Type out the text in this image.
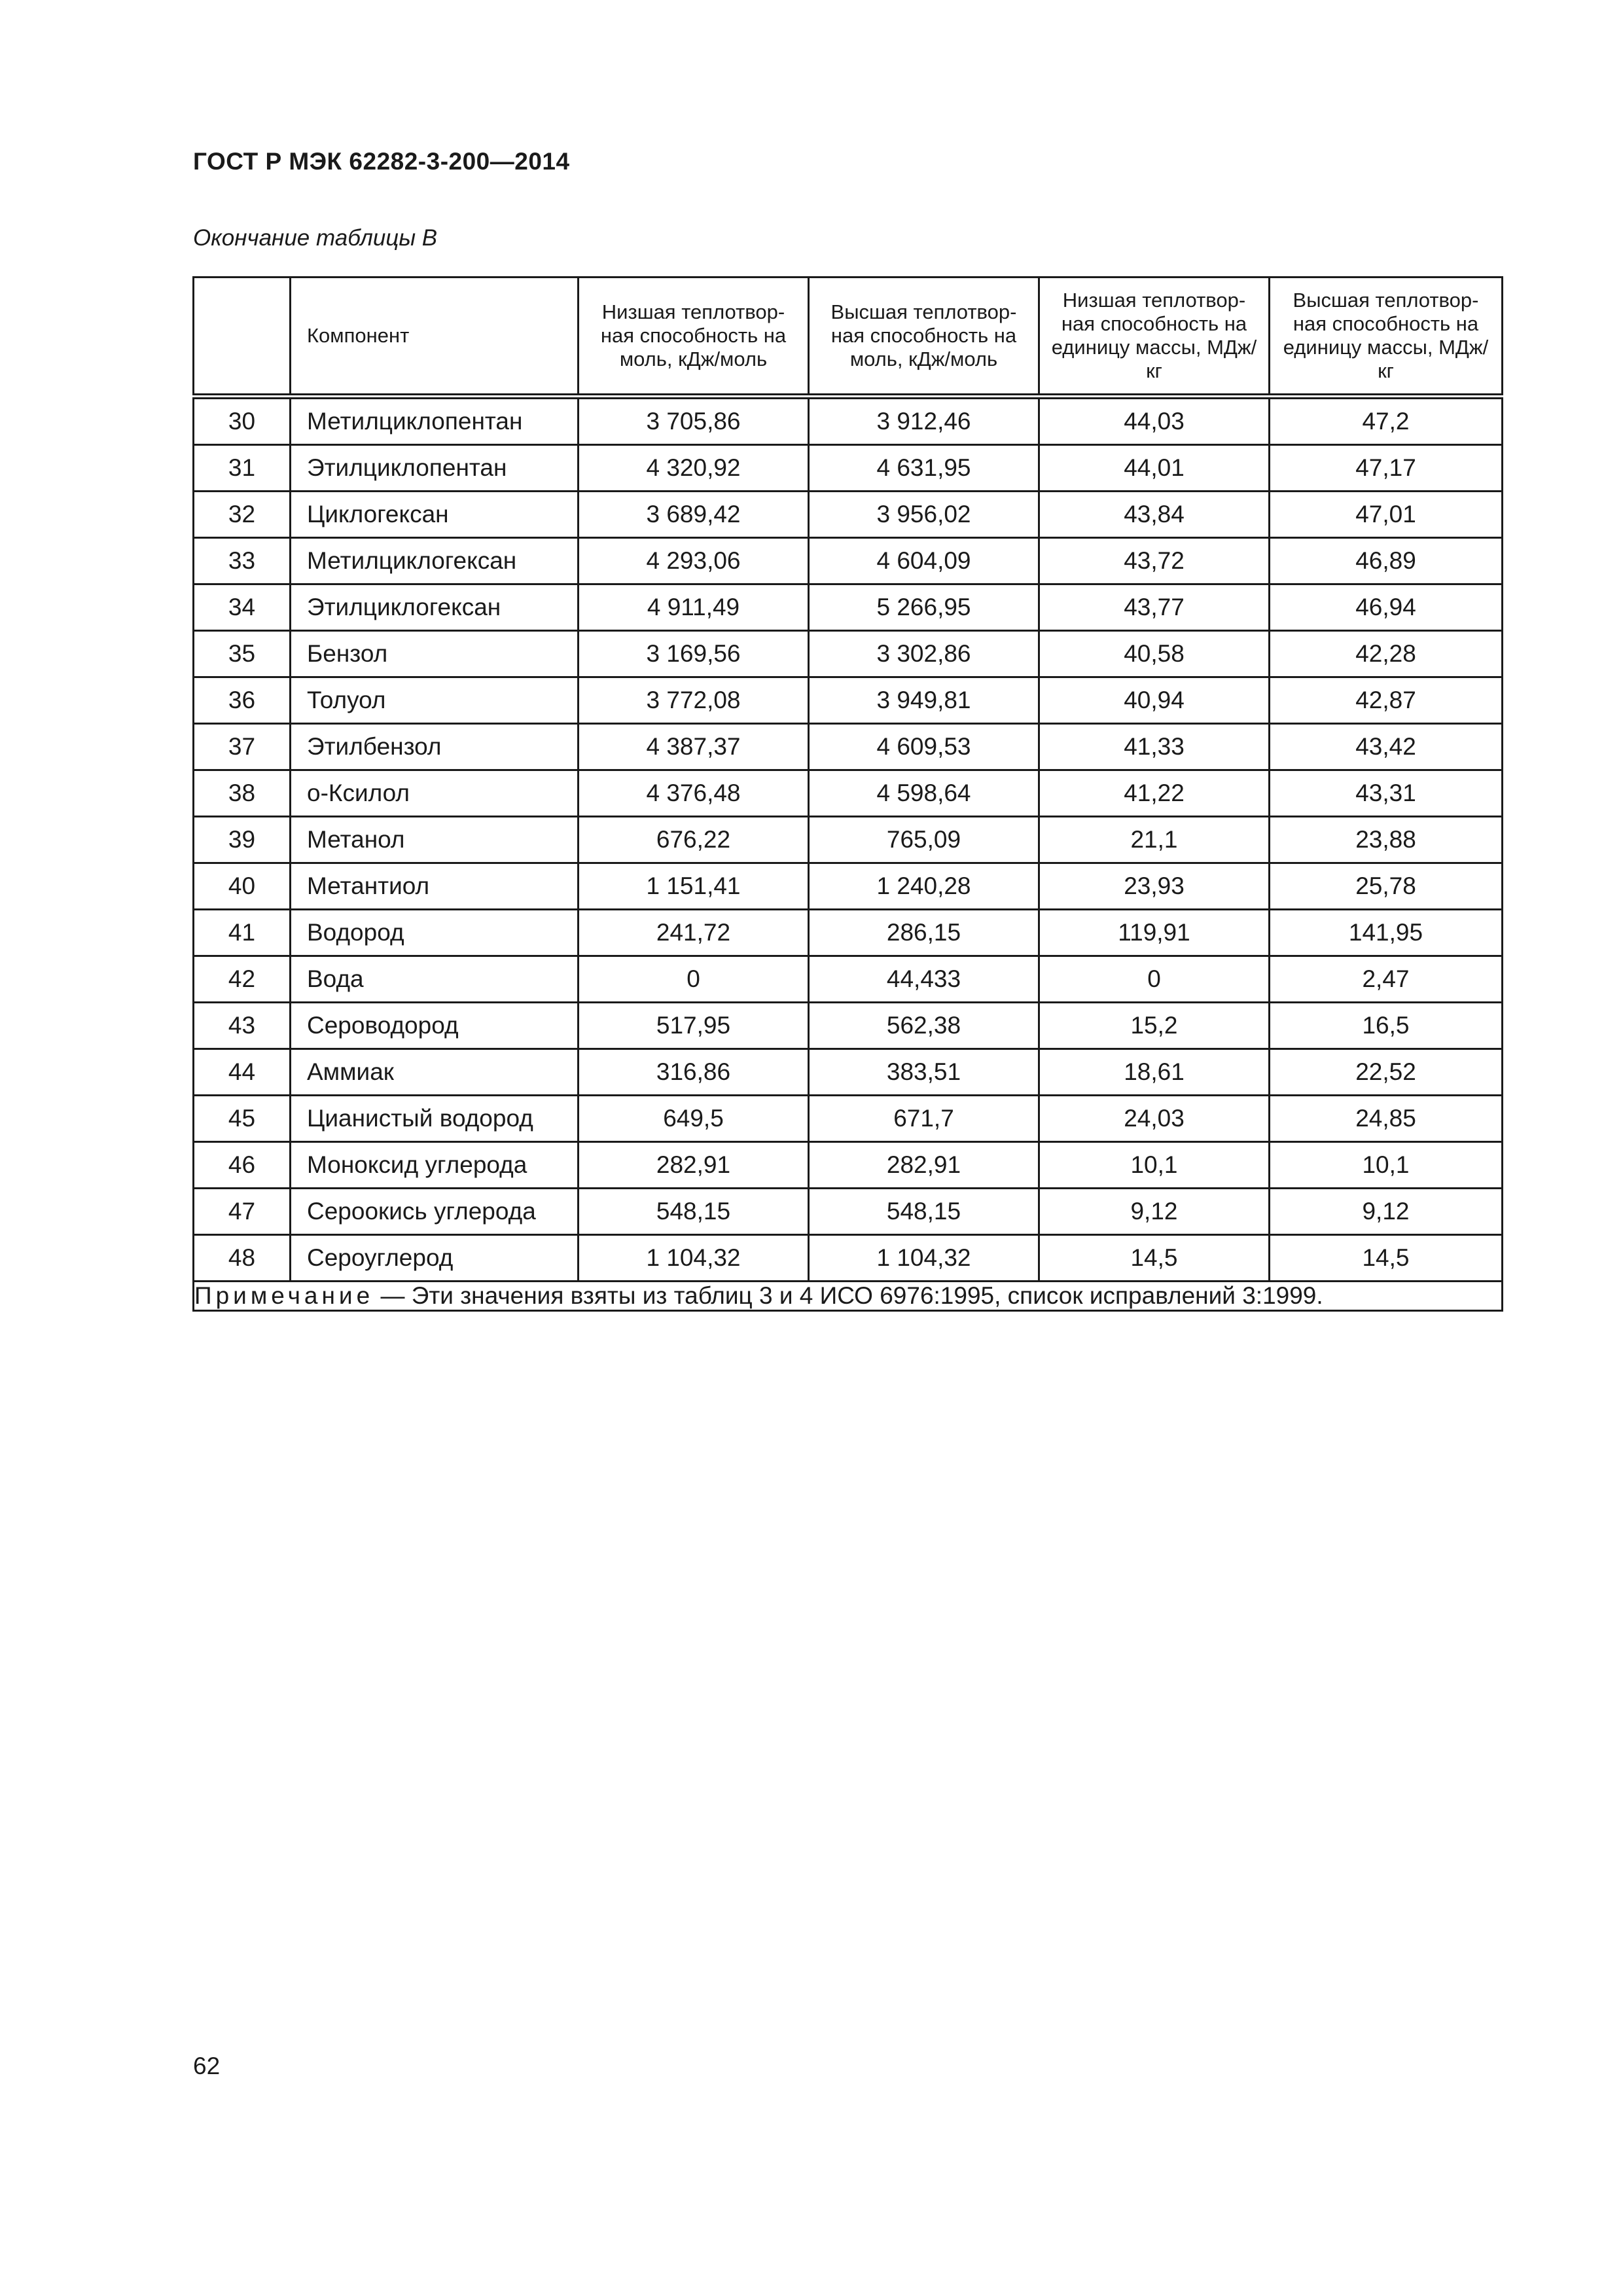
ГОСТ Р МЭК 62282-3-200—2014
Окончание таблицы В
	Компонент	Низшая теплотвор-ная способность на моль, кДж/моль	Высшая теплотвор-ная способность на моль, кДж/моль	Низшая теплотвор-ная способность на единицу массы, МДж/кг	Высшая теплотвор-ная способность на единицу массы, МДж/кг
30	Метилциклопентан	3 705,86	3 912,46	44,03	47,2
31	Этилциклопентан	4 320,92	4 631,95	44,01	47,17
32	Циклогексан	3 689,42	3 956,02	43,84	47,01
33	Метилциклогексан	4 293,06	4 604,09	43,72	46,89
34	Этилциклогексан	4 911,49	5 266,95	43,77	46,94
35	Бензол	3 169,56	3 302,86	40,58	42,28
36	Толуол	3 772,08	3 949,81	40,94	42,87
37	Этилбензол	4 387,37	4 609,53	41,33	43,42
38	о-Ксилол	4 376,48	4 598,64	41,22	43,31
39	Метанол	676,22	765,09	21,1	23,88
40	Метантиол	1 151,41	1 240,28	23,93	25,78
41	Водород	241,72	286,15	119,91	141,95
42	Вода	0	44,433	0	2,47
43	Сероводород	517,95	562,38	15,2	16,5
44	Аммиак	316,86	383,51	18,61	22,52
45	Цианистый водород	649,5	671,7	24,03	24,85
46	Моноксид углерода	282,91	282,91	10,1	10,1
47	Сероокись углерода	548,15	548,15	9,12	9,12
48	Сероуглерод	1 104,32	1 104,32	14,5	14,5
Примечание — Эти значения взяты из таблиц 3 и 4 ИСО 6976:1995, список исправлений 3:1999.					
62
